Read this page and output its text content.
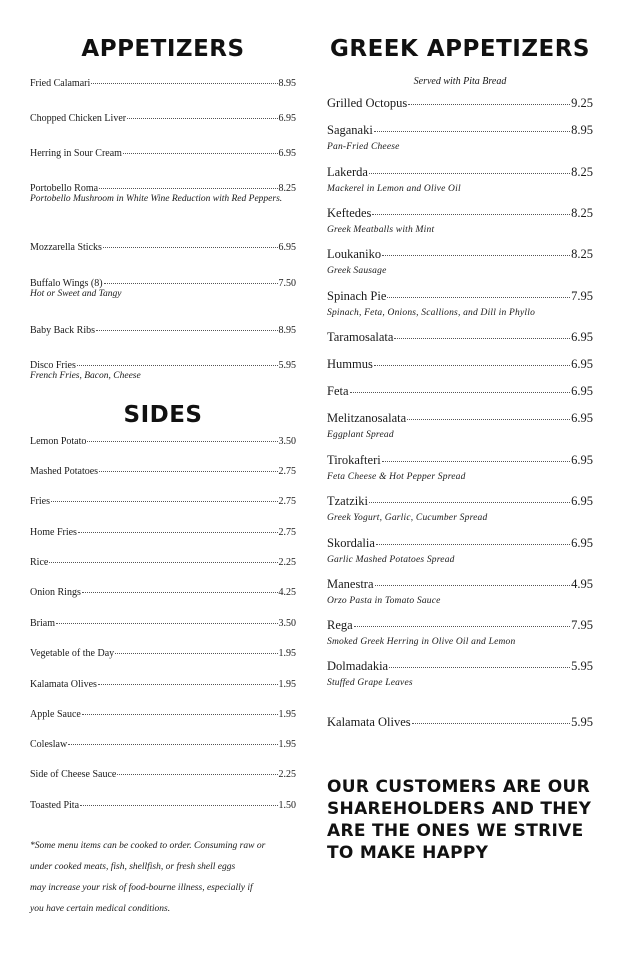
APPETIZERS
Fried Calamari	8.95
Chopped Chicken Liver	6.95
Herring in Sour Cream	6.95
Portobello Roma	8.25
Portobello Mushroom in White Wine Reduction with Red Peppers.
Mozzarella Sticks	6.95
Buffalo Wings (8)	7.50
Hot or Sweet and Tangy
Baby Back Ribs	8.95
Disco Fries	5.95
French Fries, Bacon, Cheese
SIDES
Lemon Potato	3.50
Mashed Potatoes	2.75
Fries	2.75
Home Fries	2.75
Rice	2.25
Onion Rings	4.25
Briam	3.50
Vegetable of the Day	1.95
Kalamata Olives	1.95
Apple Sauce	1.95
Coleslaw	1.95
Side of Cheese Sauce	2.25
Toasted Pita	1.50
*Some menu items can be cooked to order. Consuming raw or
under cooked meats, fish, shellfish, or fresh shell eggs
may increase your risk of food-bourne illness, especially if
you have certain medical conditions.
GREEK APPETIZERS
Served with Pita Bread
Grilled Octopus	9.25
Saganaki	8.95
Pan-Fried Cheese
Lakerda	8.25
Mackerel in Lemon and Olive Oil
Keftedes	8.25
Greek Meatballs with Mint
Loukaniko	8.25
Greek Sausage
Spinach Pie	7.95
Spinach, Feta, Onions, Scallions, and Dill in Phyllo
Taramosalata	6.95
Hummus	6.95
Feta	6.95
Melitzanosalata	6.95
Eggplant Spread
Tirokafteri	6.95
Feta Cheese & Hot Pepper Spread
Tzatziki	6.95
Greek Yogurt, Garlic, Cucumber Spread
Skordalia	6.95
Garlic Mashed Potatoes Spread
Manestra	4.95
Orzo Pasta in Tomato Sauce
Rega	7.95
Smoked Greek Herring in Olive Oil and Lemon
Dolmadakia	5.95
Stuffed Grape Leaves
Kalamata Olives	5.95
OUR CUSTOMERS ARE OUR
SHAREHOLDERS AND THEY
ARE THE ONES WE STRIVE
TO MAKE HAPPY
